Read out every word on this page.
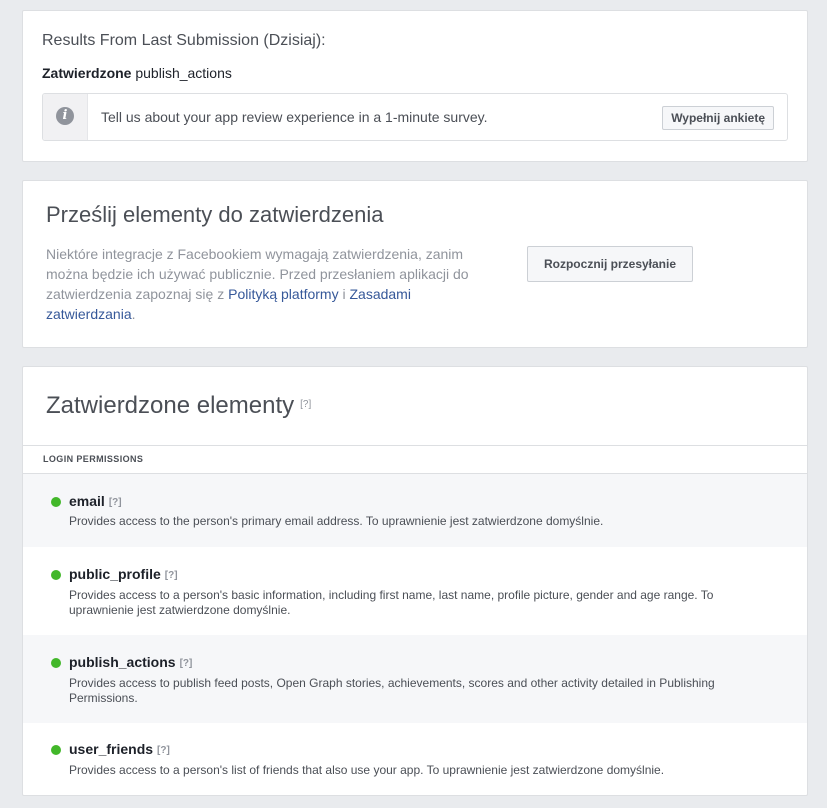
Results From Last Submission (Dzisiaj):
Zatwierdzone publish_actions
i	Tell us about your app review experience in a 1-minute survey.	Wypełnij ankietę
Prześlij elementy do zatwierdzenia
Niektóre integracje z Facebookiem wymagają zatwierdzenia, zanim można będzie ich używać publicznie. Przed przesłaniem aplikacji do zatwierdzenia zapoznaj się z Polityką platformy i Zasadami zatwierdzania.
Rozpocznij przesyłanie
Zatwierdzone elementy [?]
LOGIN PERMISSIONS
email [?]
Provides access to the person's primary email address. To uprawnienie jest zatwierdzone domyślnie.
public_profile [?]
Provides access to a person's basic information, including first name, last name, profile picture, gender and age range. To uprawnienie jest zatwierdzone domyślnie.
publish_actions [?]
Provides access to publish feed posts, Open Graph stories, achievements, scores and other activity detailed in Publishing Permissions.
user_friends [?]
Provides access to a person's list of friends that also use your app. To uprawnienie jest zatwierdzone domyślnie.
